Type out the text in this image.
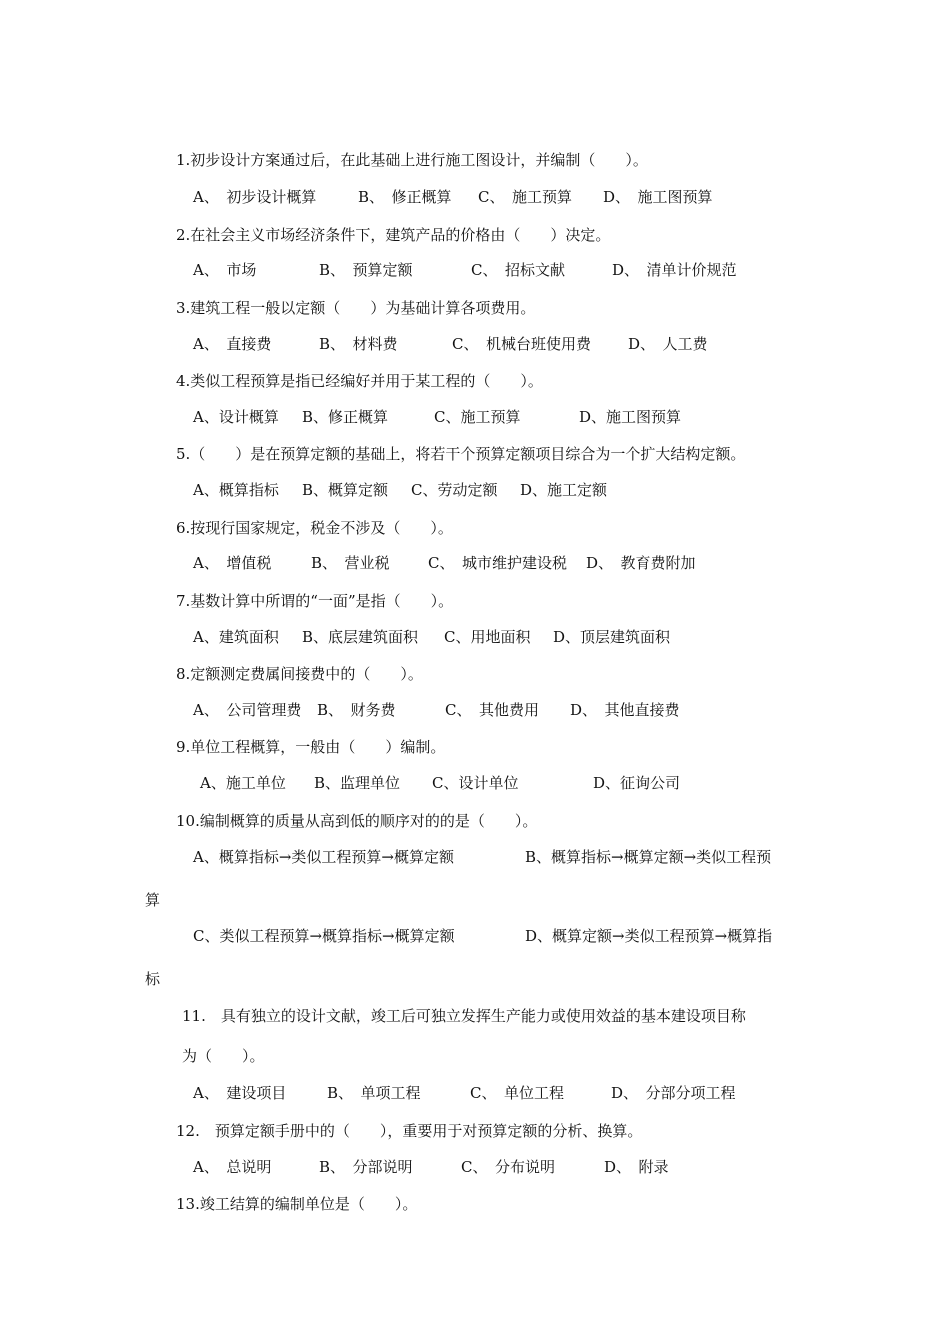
1.初步设计方案通过后，在此基础上进行施工图设计，并编制（　　）。
A、　初步设计概算	B、　修正概算 C、　施工预算 D、　施工图预算
2.在社会主义市场经济条件下，建筑产品的价格由（　　）决定。
A、　市场	B、　预算定额	C、　招标文献	D、　清单计价规范
3.建筑工程一般以定额（　　）为基础计算各项费用。
A、　直接费	B、　材料费	C、　机械台班使用费 D、　人工费
4.类似工程预算是指已经编好并用于某工程的（　　）。
A、设计概算 B、修正概算	C、施工预算	D、施工图预算
5.（　　）是在预算定额的基础上，将若干个预算定额项目综合为一个扩大结构定额。
A、概算指标 B、概算定额 C、劳动定额 D、施工定额
6.按现行国家规定，税金不涉及（　　）。
A、　增值税	B、　营业税	C、　城市维护建设税 D、　教育费附加
7.基数计算中所谓的“一面”是指（　　）。
A、建筑面积 B、底层建筑面积 C、用地面积 D、顶层建筑面积
8.定额测定费属间接费中的（　　）。
A、　公司管理费 B、　财务费	C、　其他费用 D、　其他直接费
9.单位工程概算，一般由（　　）编制。
A、施工单位 B、监理单位 C、设计单位	D、征询公司
10.编制概算的质量从高到低的顺序对的的是（　　）。
A、概算指标→类似工程预算→概算定额	B、概算指标→概算定额→类似工程预
算
C、类似工程预算→概算指标→概算定额	D、概算定额→类似工程预算→概算指
标
11.　具有独立的设计文献，竣工后可独立发挥生产能力或使用效益的基本建设项目称
为（　　）。
A、　建设项目	B、　单项工程	C、　单位工程	D、　分部分项工程
12.　预算定额手册中的（　　），重要用于对预算定额的分析、换算。
A、　总说明	B、　分部说明	C、　分布说明	D、　附录
13.竣工结算的编制单位是（　　）。
